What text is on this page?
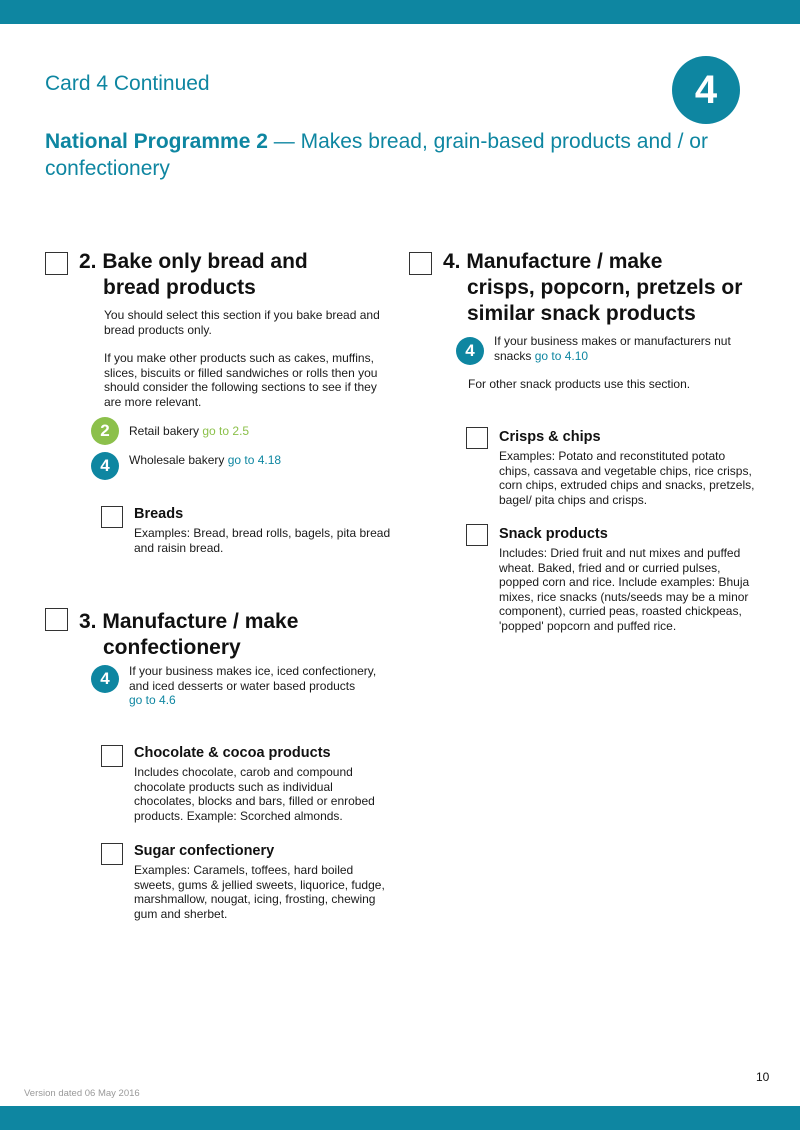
Card 4 Continued	4
National Programme 2 — Makes bread, grain-based products and / or confectionery
2. Bake only bread and
bread products
You should select this section if you bake bread and bread products only.
If you make other products such as cakes, muffins, slices, biscuits or filled sandwiches or rolls then you should consider the following sections to see if they are more relevant.
2	Retail bakery go to 2.5
4	Wholesale bakery go to 4.18
Breads
Examples: Bread, bread rolls, bagels, pita bread and raisin bread.
3. Manufacture / make
confectionery
4	If your business makes ice, iced confectionery, and iced desserts or water based products
go to 4.6
Chocolate & cocoa products
Includes chocolate, carob and compound chocolate products such as individual chocolates, blocks and bars, filled or enrobed products. Example: Scorched almonds.
Sugar confectionery
Examples: Caramels, toffees, hard boiled sweets, gums & jellied sweets, liquorice, fudge, marshmallow, nougat, icing, frosting, chewing gum and sherbet.
4. Manufacture / make
crisps, popcorn, pretzels or
similar snack products
4	If your business makes or manufacturers nut snacks go to 4.10
For other snack products use this section.
Crisps & chips
Examples: Potato and reconstituted potato chips, cassava and vegetable chips, rice crisps, corn chips, extruded chips and snacks, pretzels, bagel/ pita chips and crisps.
Snack products
Includes: Dried fruit and nut mixes and puffed wheat. Baked, fried and or curried pulses, popped corn and rice. Include examples: Bhuja mixes, rice snacks (nuts/seeds may be a minor component), curried peas, roasted chickpeas, 'popped' popcorn and puffed rice.
10
Version dated 06 May 2016
